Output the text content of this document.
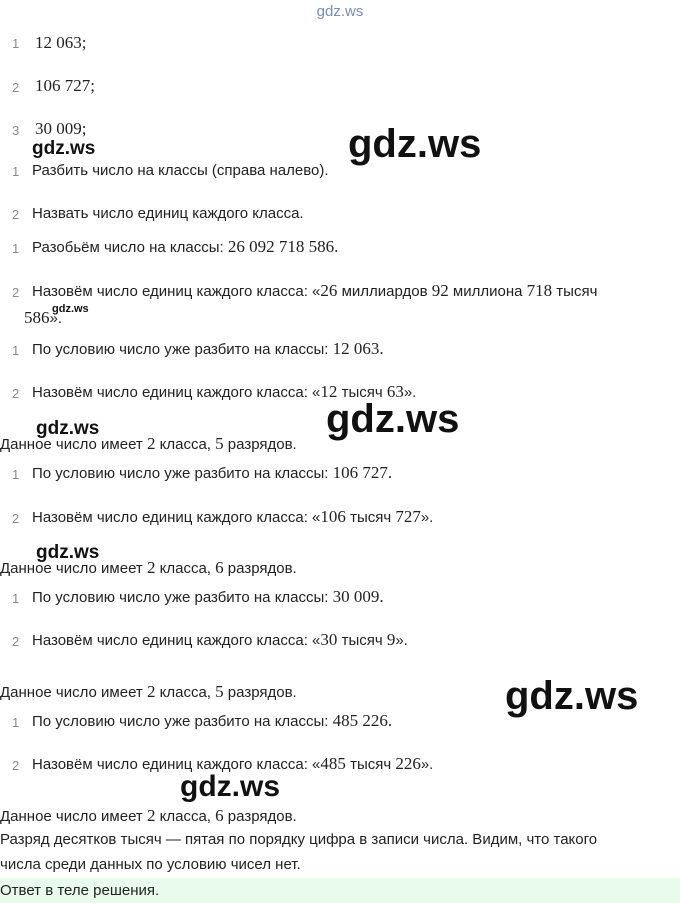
gdz.ws
1 12 063;
2 106 727;
3 30 009;
gdz.ws	gdz.ws
1 Разбить число на классы (справа налево).
2 Назвать число единиц каждого класса.
1 Разобьём число на классы: 26 092 718 586.
2 Назовём число единиц каждого класса: «26 миллиардов 92 миллиона 718 тысяч
586».
gdz.ws
1 По условию число уже разбито на классы: 12 063.
2 Назовём число единиц каждого класса: «12 тысяч 63».
gdz.ws	gdz.ws
Данное число имеет 2 класса, 5 разрядов.
1 По условию число уже разбито на классы: 106 727.
2 Назовём число единиц каждого класса: «106 тысяч 727».
gdz.ws
Данное число имеет 2 класса, 6 разрядов.
1 По условию число уже разбито на классы: 30 009.
2 Назовём число единиц каждого класса: «30 тысяч 9».
Данное число имеет 2 класса, 5 разрядов.	gdz.ws
1 По условию число уже разбито на классы: 485 226.
2 Назовём число единиц каждого класса: «485 тысяч 226».
gdz.ws
Данное число имеет 2 класса, 6 разрядов.
Разряд десятков тысяч — пятая по порядку цифра в записи числа. Видим, что такого
числа среди данных по условию чисел нет.
Ответ в теле решения.
